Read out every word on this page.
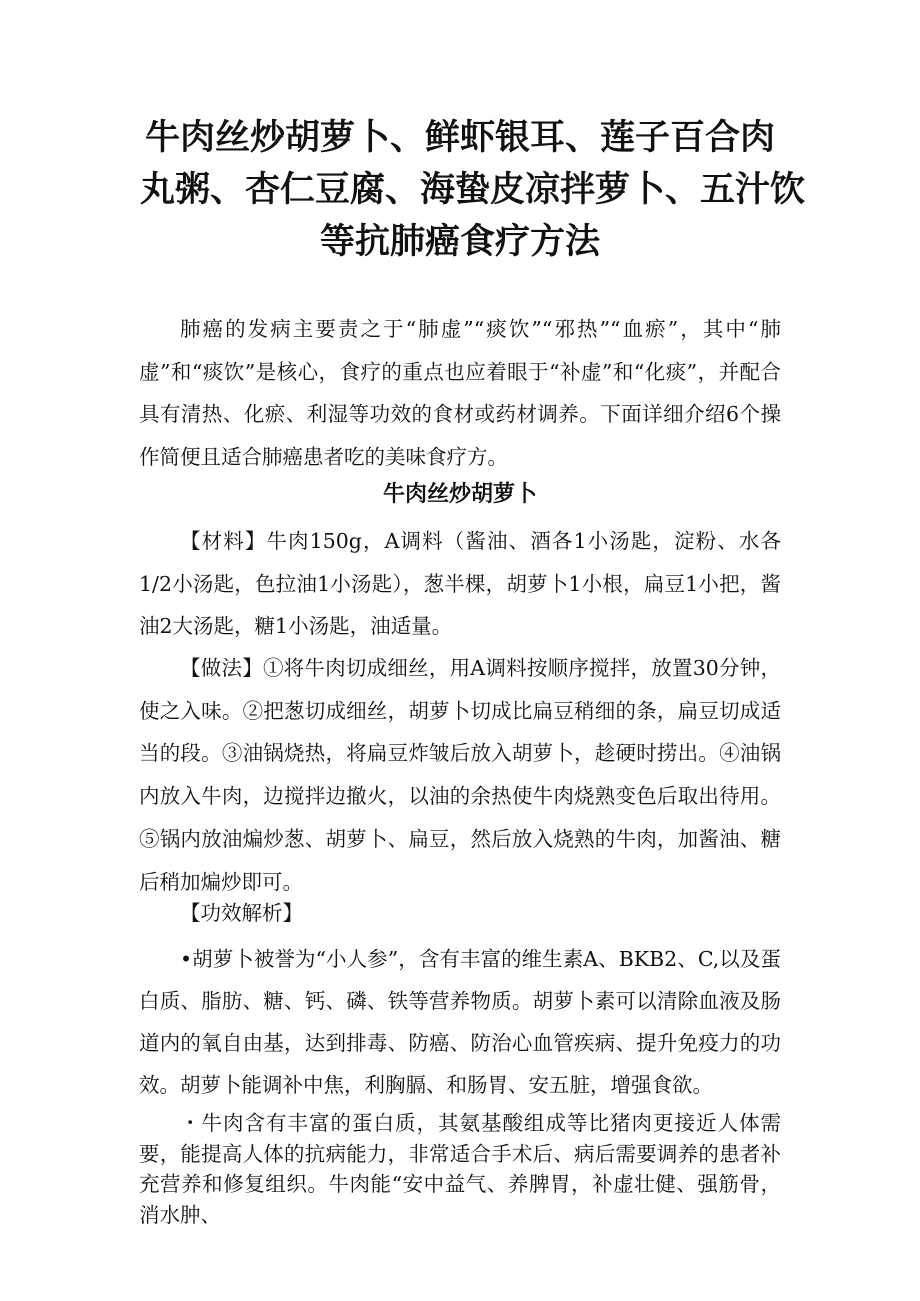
牛肉丝炒胡萝卜、鲜虾银耳、莲子百合肉
丸粥、杏仁豆腐、海蛰皮凉拌萝卜、五汁饮
等抗肺癌食疗方法

肺癌的发病主要责之于“肺虚”“痰饮”“邪热”“血瘀”，其中“肺虚”和“痰饮”是核心，食疗的重点也应着眼于“补虚”和“化痰”，并配合具有清热、化瘀、利湿等功效的食材或药材调养。下面详细介绍6个操作简便且适合肺癌患者吃的美味食疗方。

牛肉丝炒胡萝卜

【材料】牛肉150g，A调料（酱油、酒各1小汤匙，淀粉、水各1/2小汤匙，色拉油1小汤匙），葱半棵，胡萝卜1小根，扁豆1小把，酱油2大汤匙，糖1小汤匙，油适量。

【做法】①将牛肉切成细丝，用A调料按顺序搅拌，放置30分钟，使之入味。②把葱切成细丝，胡萝卜切成比扁豆稍细的条，扁豆切成适当的段。③油锅烧热，将扁豆炸皱后放入胡萝卜，趁硬时捞出。④油锅内放入牛肉，边搅拌边撤火，以油的余热使牛肉烧熟变色后取出待用。⑤锅内放油煸炒葱、胡萝卜、扁豆，然后放入烧熟的牛肉，加酱油、糖后稍加煸炒即可。

【功效解析】

•胡萝卜被誉为“小人参”，含有丰富的维生素A、BKB2、C,以及蛋白质、脂肪、糖、钙、磷、铁等营养物质。胡萝卜素可以清除血液及肠道内的氧自由基，达到排毒、防癌、防治心血管疾病、提升免疫力的功效。胡萝卜能调补中焦，利胸膈、和肠胃、安五脏，增强食欲。

・牛肉含有丰富的蛋白质，其氨基酸组成等比猪肉更接近人体需要，能提高人体的抗病能力，非常适合手术后、病后需要调养的患者补充营养和修复组织。牛肉能“安中益气、养脾胃，补虚壮健、强筋骨，消水肿、
